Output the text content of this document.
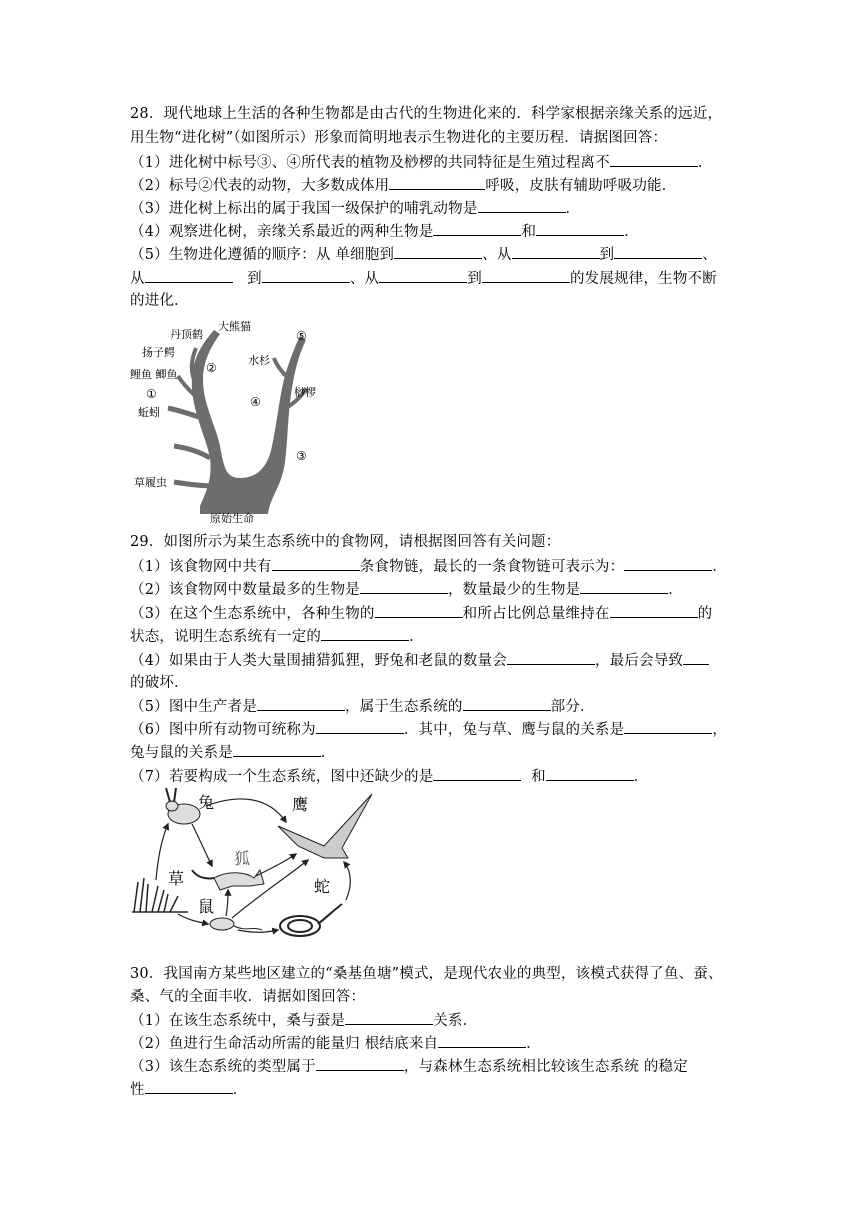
28．现代地球上生活的各种生物都是由古代的生物进化来的．科学家根据亲缘关系的远近，
用生物“进化树”（如图所示）形象而简明地表示生物进化的主要历程．请据图回答：
（1）进化树中标号③、④所代表的植物及桫椤的共同特征是生殖过程离不	．
（2）标号②代表的动物，大多数成体用	呼吸，皮肤有辅助呼吸功能．
（3）进化树上标出的属于我国一级保护的哺乳动物是	．
（4）观察进化树，亲缘关系最近的两种生物是	和	．
（5）生物进化遵循的顺序：从 单细胞到	、从	到	、
从	到	、从	到	的发展规律，生物不断
的进化．
丹顶鹤
大熊猫
扬子鳄
鲤鱼 鲫鱼
①
蚯蚓
②
⑤
水杉
④
桫椤
③
草履虫
原始生命
29．如图所示为某生态系统中的食物网，请根据图回答有关问题：
（1）该食物网中共有	条食物链，最长的一条食物链可表示为：	．
（2）该食物网中数量最多的生物是	，数量最少的生物是	．
（3）在这个生态系统中，各种生物的	和所占比例总量维持在	的
状态，说明生态系统有一定的	．
（4）如果由于人类大量围捕猎狐狸，野兔和老鼠的数量会	，最后会导致
的破坏．
（5）图中生产者是	，属于生态系统的	部分．
（6）图中所有动物可统称为	．其中，兔与草、鹰与鼠的关系是	，
兔与鼠的关系是	．
（7）若要构成一个生态系统，图中还缺少的是	和	．
兔	鹰
狐
草
鼠
蛇
30．我国南方某些地区建立的“桑基鱼塘”模式，是现代农业的典型，该模式获得了鱼、蚕、
桑、气的全面丰收．请据如图回答：
（1）在该生态系统中，桑与蚕是	关系．
（2）鱼进行生命活动所需的能量归 根结底来自	．
（3）该生态系统的类型属于	，与森林生态系统相比较该生态系统 的稳定
性	．
